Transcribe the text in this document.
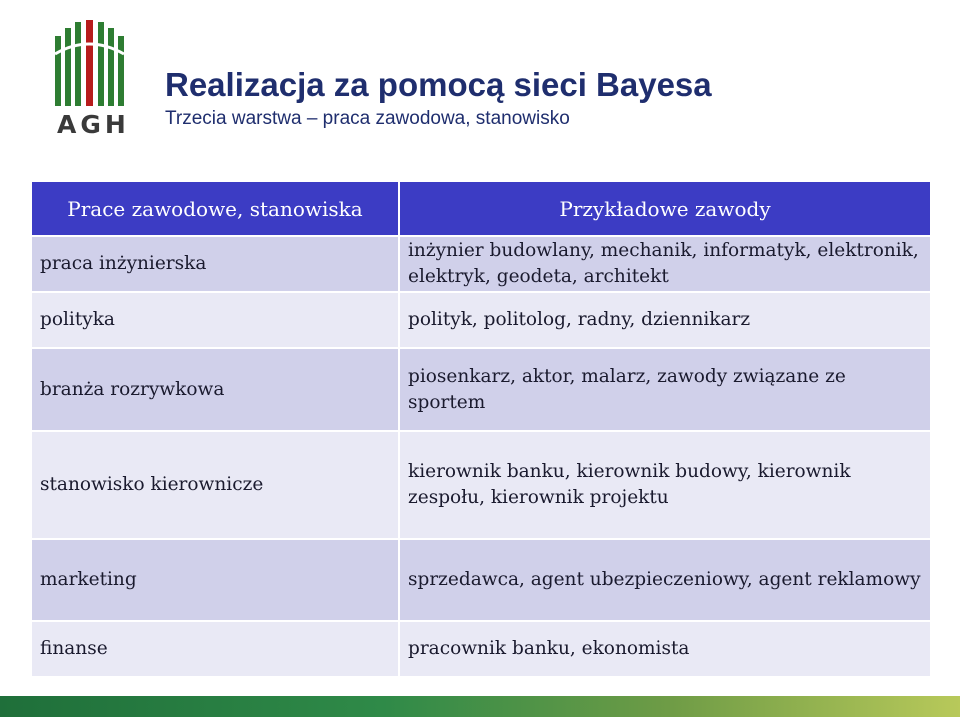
AGH
Realizacja za pomocą sieci Bayesa
Trzecia warstwa – praca zawodowa, stanowisko
Prace zawodowe, stanowiska	Przykładowe zawody
praca inżynierska	inżynier budowlany, mechanik, informatyk, elektronik, elektryk, geodeta, architekt
polityka	polityk, politolog, radny, dziennikarz
branża rozrywkowa	piosenkarz, aktor, malarz, zawody związane ze sportem
stanowisko kierownicze	kierownik banku, kierownik budowy, kierownik zespołu, kierownik projektu
marketing	sprzedawca, agent ubezpieczeniowy, agent reklamowy
finanse	pracownik banku, ekonomista
